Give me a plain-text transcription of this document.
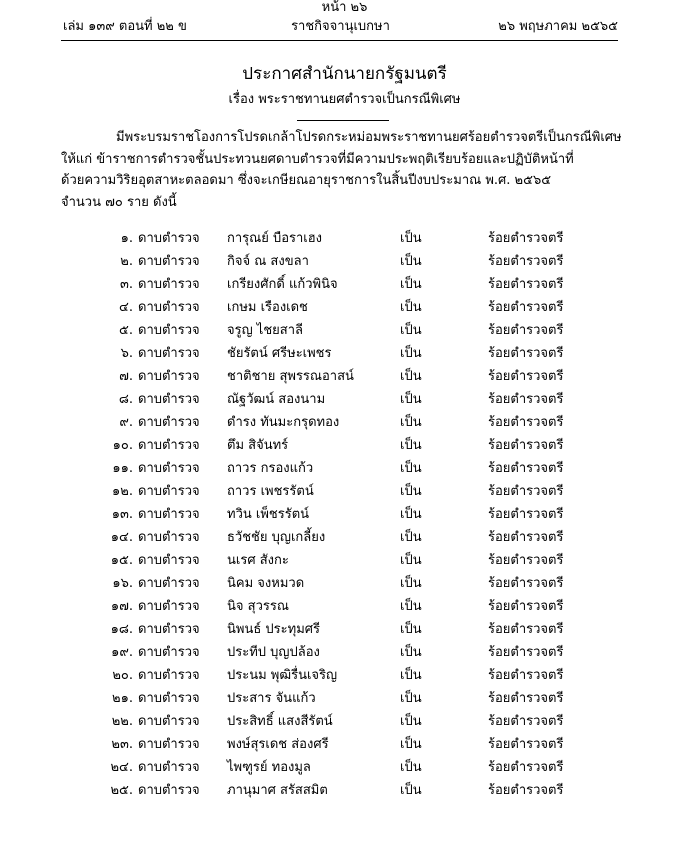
หน้า ๒๖
เล่ม ๑๓๙ ตอนที่ ๒๒ ข	ราชกิจจานุเบกษา	๒๖ พฤษภาคม ๒๕๖๕
ประกาศสำนักนายกรัฐมนตรี
เรื่อง พระราชทานยศตำรวจเป็นกรณีพิเศษ

มีพระบรมราชโองการโปรดเกล้าโปรดกระหม่อมพระราชทานยศร้อยตำรวจตรีเป็นกรณีพิเศษ

ให้แก่ ข้าราชการตำรวจชั้นประทวนยศดาบตำรวจที่มีความประพฤติเรียบร้อยและปฏิบัติหน้าที่

ด้วยความวิริยอุตสาหะตลอดมา ซึ่งจะเกษียณอายุราชการในสิ้นปีงบประมาณ พ.ศ. ๒๕๖๕

จำนวน ๗๐ ราย ดังนี้

๑. ดาบตำรวจ การุณย์ บือราเฮง	เป็น	ร้อยตำรวจตรี
๒. ดาบตำรวจ กิจจ์ ณ สงขลา	เป็น	ร้อยตำรวจตรี
๓. ดาบตำรวจ เกรียงศักดิ์ แก้วพินิจ	เป็น	ร้อยตำรวจตรี
๔. ดาบตำรวจ เกษม เรืองเดช	เป็น	ร้อยตำรวจตรี
๕. ดาบตำรวจ จรูญ ไชยสาลี	เป็น	ร้อยตำรวจตรี
๖. ดาบตำรวจ ชัยรัตน์ ศรีษะเพชร	เป็น	ร้อยตำรวจตรี
๗. ดาบตำรวจ ชาติชาย สุพรรณอาสน์	เป็น	ร้อยตำรวจตรี
๘. ดาบตำรวจ ณัฐวัฒน์ สองนาม	เป็น	ร้อยตำรวจตรี
๙. ดาบตำรวจ ดำรง ทันมะกรุดทอง	เป็น	ร้อยตำรวจตรี
๑๐. ดาบตำรวจ ตึม สิจันทร์	เป็น	ร้อยตำรวจตรี
๑๑. ดาบตำรวจ ถาวร กรองแก้ว	เป็น	ร้อยตำรวจตรี
๑๒. ดาบตำรวจ ถาวร เพชรรัตน์	เป็น	ร้อยตำรวจตรี
๑๓. ดาบตำรวจ ทวิน เพ็ชรรัตน์	เป็น	ร้อยตำรวจตรี
๑๔. ดาบตำรวจ ธวัชชัย บุญเกลี้ยง	เป็น	ร้อยตำรวจตรี
๑๕. ดาบตำรวจ นเรศ สังกะ	เป็น	ร้อยตำรวจตรี
๑๖. ดาบตำรวจ นิคม จงหมวด	เป็น	ร้อยตำรวจตรี
๑๗. ดาบตำรวจ นิจ สุวรรณ	เป็น	ร้อยตำรวจตรี
๑๘. ดาบตำรวจ นิพนธ์ ประทุมศรี	เป็น	ร้อยตำรวจตรี
๑๙. ดาบตำรวจ ประทีป บุญปล้อง	เป็น	ร้อยตำรวจตรี
๒๐. ดาบตำรวจ ประนม พุฒิรื่นเจริญ	เป็น	ร้อยตำรวจตรี
๒๑. ดาบตำรวจ ประสาร จันแก้ว	เป็น	ร้อยตำรวจตรี
๒๒. ดาบตำรวจ ประสิทธิ์ แสงสีรัตน์	เป็น	ร้อยตำรวจตรี
๒๓. ดาบตำรวจ พงษ์สุรเดช ส่องศรี	เป็น	ร้อยตำรวจตรี
๒๔. ดาบตำรวจ ไพฑูรย์ ทองมูล	เป็น	ร้อยตำรวจตรี
๒๕. ดาบตำรวจ ภานุมาศ สรัสสมิต	เป็น	ร้อยตำรวจตรี
